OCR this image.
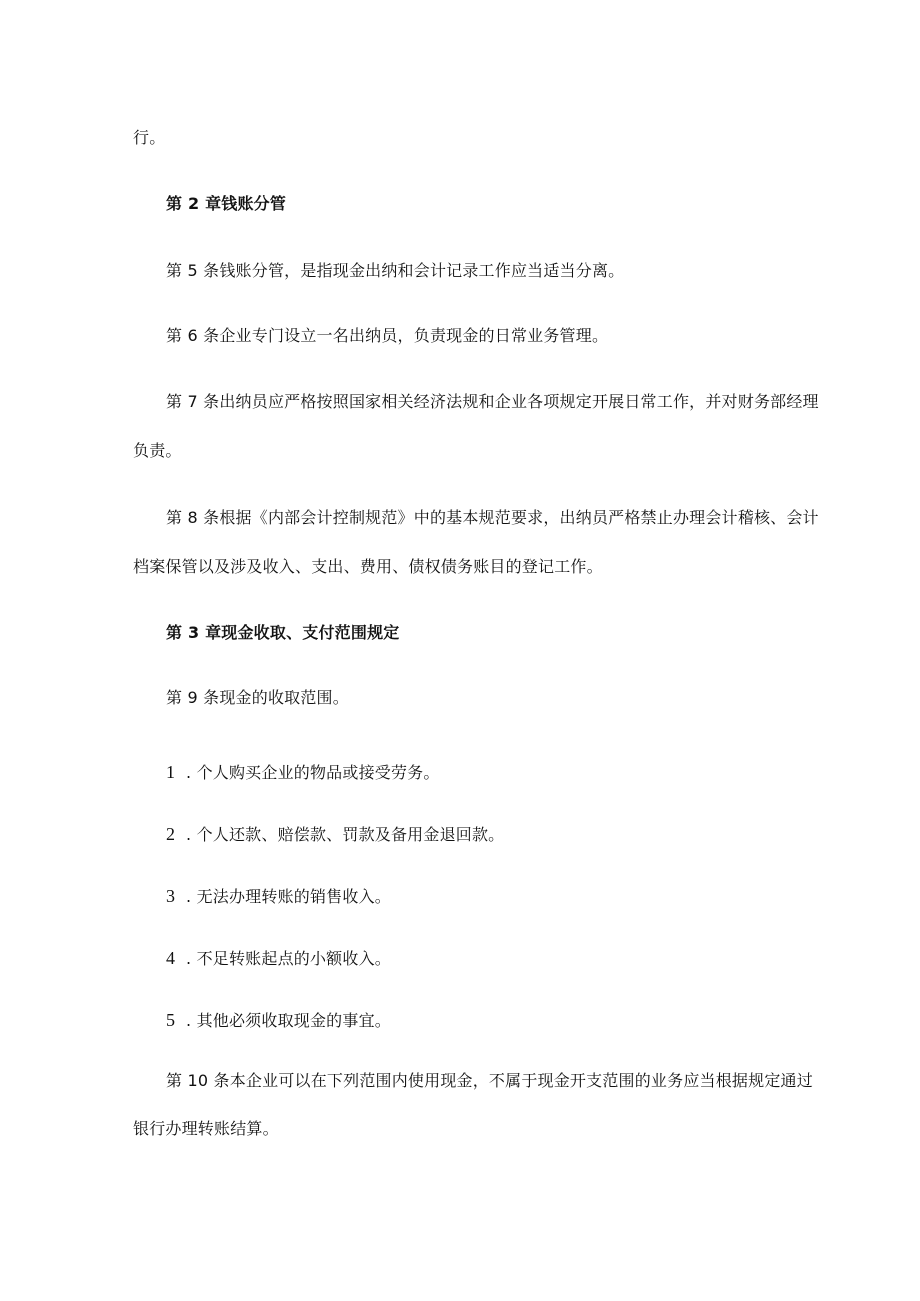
行。
第 2 章钱账分管
第 5 条钱账分管，是指现金出纳和会计记录工作应当适当分离。
第 6 条企业专门设立一名出纳员，负责现金的日常业务管理。
第 7 条出纳员应严格按照国家相关经济法规和企业各项规定开展日常工作，并对财务部经理
负责。
第 8 条根据《内部会计控制规范》中的基本规范要求，出纳员严格禁止办理会计稽核、会计
档案保管以及涉及收入、支出、费用、债权债务账目的登记工作。
第 3 章现金收取、支付范围规定
第 9 条现金的收取范围。
1 . 个人购买企业的物品或接受劳务。
2 . 个人还款、赔偿款、罚款及备用金退回款。
3 . 无法办理转账的销售收入。
4 . 不足转账起点的小额收入。
5 . 其他必须收取现金的事宜。
第 10 条本企业可以在下列范围内使用现金，不属于现金开支范围的业务应当根据规定通过
银行办理转账结算。
